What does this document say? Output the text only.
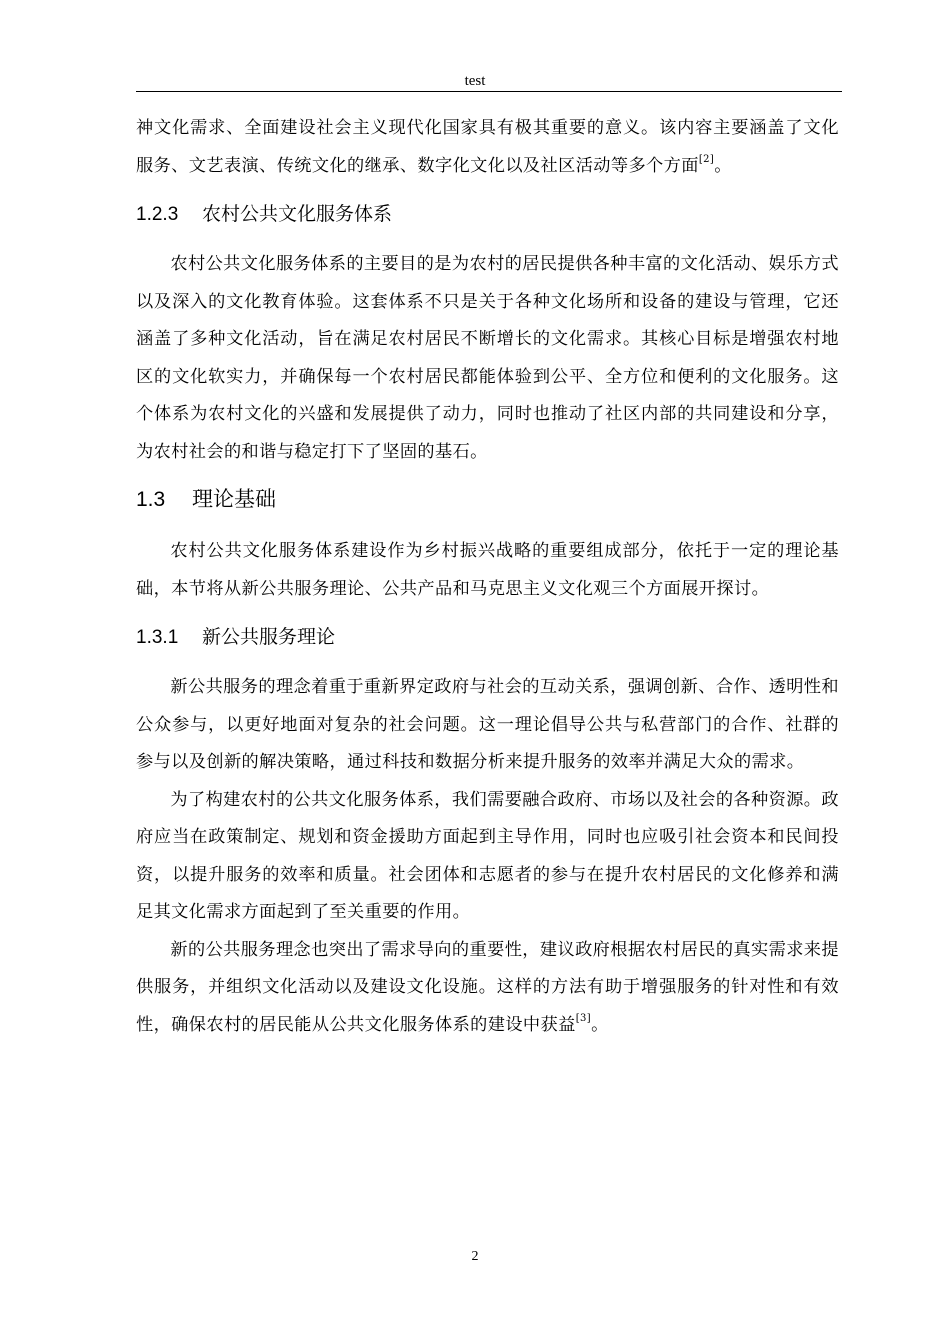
test

神文化需求、全面建设社会主义现代化国家具有极其重要的意义。该内容主要涵盖了文化服务、文艺表演、传统文化的继承、数字化文化以及社区活动等多个方面[2]。

1.2.3	农村公共文化服务体系

农村公共文化服务体系的主要目的是为农村的居民提供各种丰富的文化活动、娱乐方式以及深入的文化教育体验。这套体系不只是关于各种文化场所和设备的建设与管理，它还涵盖了多种文化活动，旨在满足农村居民不断增长的文化需求。其核心目标是增强农村地区的文化软实力，并确保每一个农村居民都能体验到公平、全方位和便利的文化服务。这个体系为农村文化的兴盛和发展提供了动力，同时也推动了社区内部的共同建设和分享，为农村社会的和谐与稳定打下了坚固的基石。

1.3	理论基础

农村公共文化服务体系建设作为乡村振兴战略的重要组成部分，依托于一定的理论基础，本节将从新公共服务理论、公共产品和马克思主义文化观三个方面展开探讨。

1.3.1	新公共服务理论

新公共服务的理念着重于重新界定政府与社会的互动关系，强调创新、合作、透明性和公众参与，以更好地面对复杂的社会问题。这一理论倡导公共与私营部门的合作、社群的参与以及创新的解决策略，通过科技和数据分析来提升服务的效率并满足大众的需求。

为了构建农村的公共文化服务体系，我们需要融合政府、市场以及社会的各种资源。政府应当在政策制定、规划和资金援助方面起到主导作用，同时也应吸引社会资本和民间投资，以提升服务的效率和质量。社会团体和志愿者的参与在提升农村居民的文化修养和满足其文化需求方面起到了至关重要的作用。

新的公共服务理念也突出了需求导向的重要性，建议政府根据农村居民的真实需求来提供服务，并组织文化活动以及建设文化设施。这样的方法有助于增强服务的针对性和有效性，确保农村的居民能从公共文化服务体系的建设中获益[3]。

2
